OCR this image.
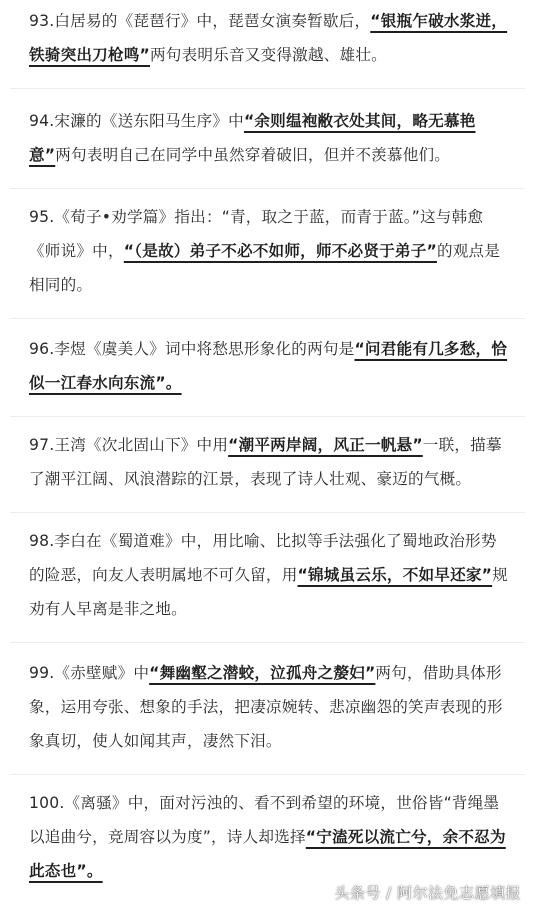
93.白居易的《琵琶行》中，琵琶女演奏暂歇后，“银瓶乍破水浆迸，铁骑突出刀枪鸣”两句表明乐音又变得激越、雄壮。
94.宋濂的《送东阳马生序》中“余则缊袍敝衣处其间，略无慕艳意”两句表明自己在同学中虽然穿着破旧，但并不羡慕他们。
95.《荀子•劝学篇》指出：“青，取之于蓝，而青于蓝。”这与韩愈《师说》中，“（是故）弟子不必不如师，师不必贤于弟子”的观点是相同的。
96.李煜《虞美人》词中将愁思形象化的两句是“问君能有几多愁，恰似一江春水向东流”。
97.王湾《次北固山下》中用“潮平两岸阔，风正一帆悬”一联，描摹了潮平江阔、风浪潜踪的江景，表现了诗人壮观、豪迈的气概。
98.李白在《蜀道难》中，用比喻、比拟等手法强化了蜀地政治形势的险恶，向友人表明属地不可久留，用“锦城虽云乐，不如早还家”规劝有人早离是非之地。
99.《赤壁赋》中“舞幽壑之潜蛟，泣孤舟之嫠妇”两句，借助具体形象，运用夸张、想象的手法，把凄凉婉转、悲凉幽怨的笑声表现的形象真切，使人如闻其声，凄然下泪。
100.《离骚》中，面对污浊的、看不到希望的环境，世俗皆“背绳墨以追曲兮，竞周容以为度”，诗人却选择“宁溘死以流亡兮，余不忍为此态也”。
头条号 / 阿尔法免志愿填报
